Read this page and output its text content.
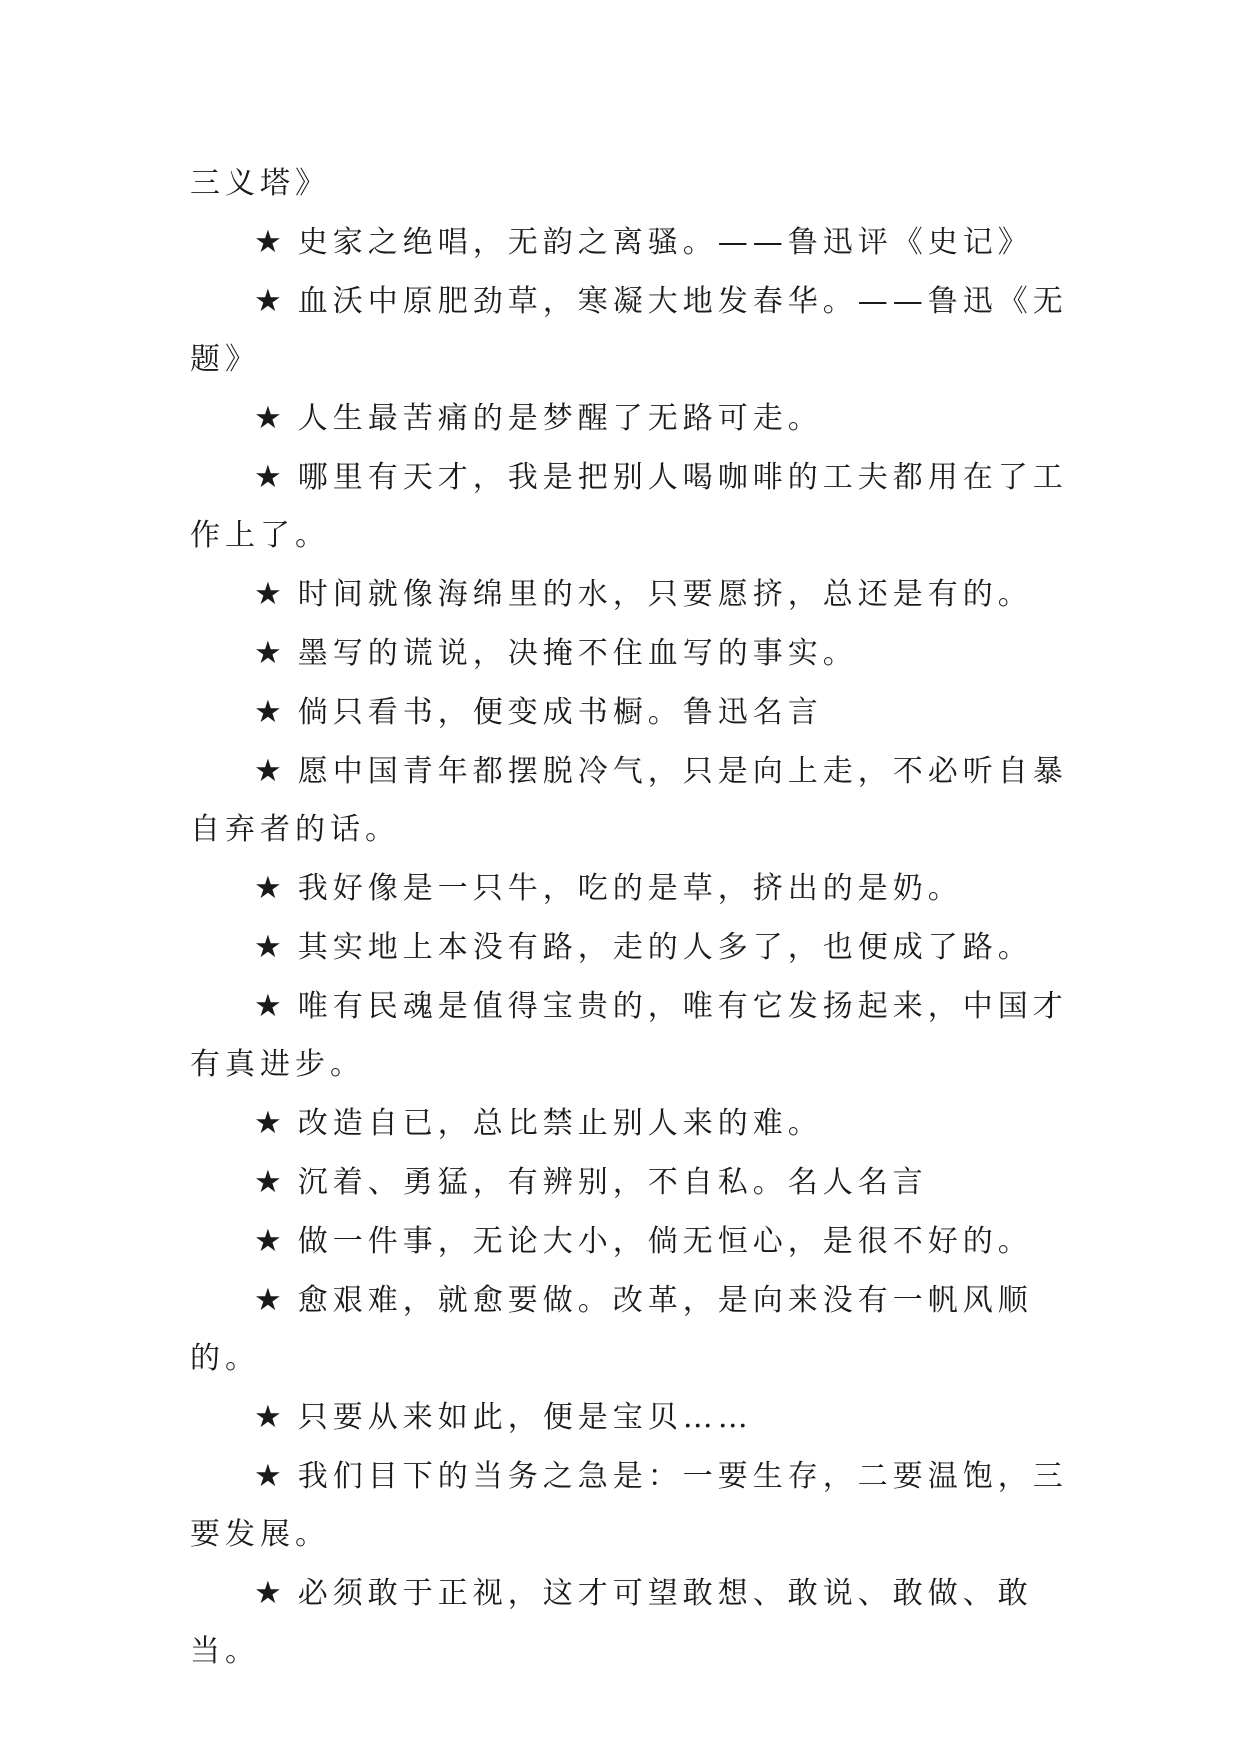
三义塔》

★ 史家之绝唱，无韵之离骚。——鲁迅评《史记》

★ 血沃中原肥劲草，寒凝大地发春华。——鲁迅《无题》

★ 人生最苦痛的是梦醒了无路可走。

★ 哪里有天才，我是把别人喝咖啡的工夫都用在了工作上了。

★ 时间就像海绵里的水，只要愿挤，总还是有的。

★ 墨写的谎说，决掩不住血写的事实。

★ 倘只看书，便变成书橱。鲁迅名言

★ 愿中国青年都摆脱冷气，只是向上走，不必听自暴自弃者的话。

★ 我好像是一只牛，吃的是草，挤出的是奶。

★ 其实地上本没有路，走的人多了，也便成了路。

★ 唯有民魂是值得宝贵的，唯有它发扬起来，中国才有真进步。

★ 改造自已，总比禁止别人来的难。

★ 沉着、勇猛，有辨别，不自私。名人名言

★ 做一件事，无论大小，倘无恒心，是很不好的。

★ 愈艰难，就愈要做。改革，是向来没有一帆风顺的。

★ 只要从来如此，便是宝贝……

★ 我们目下的当务之急是：一要生存，二要温饱，三要发展。

★ 必须敢于正视，这才可望敢想、敢说、敢做、敢当。
